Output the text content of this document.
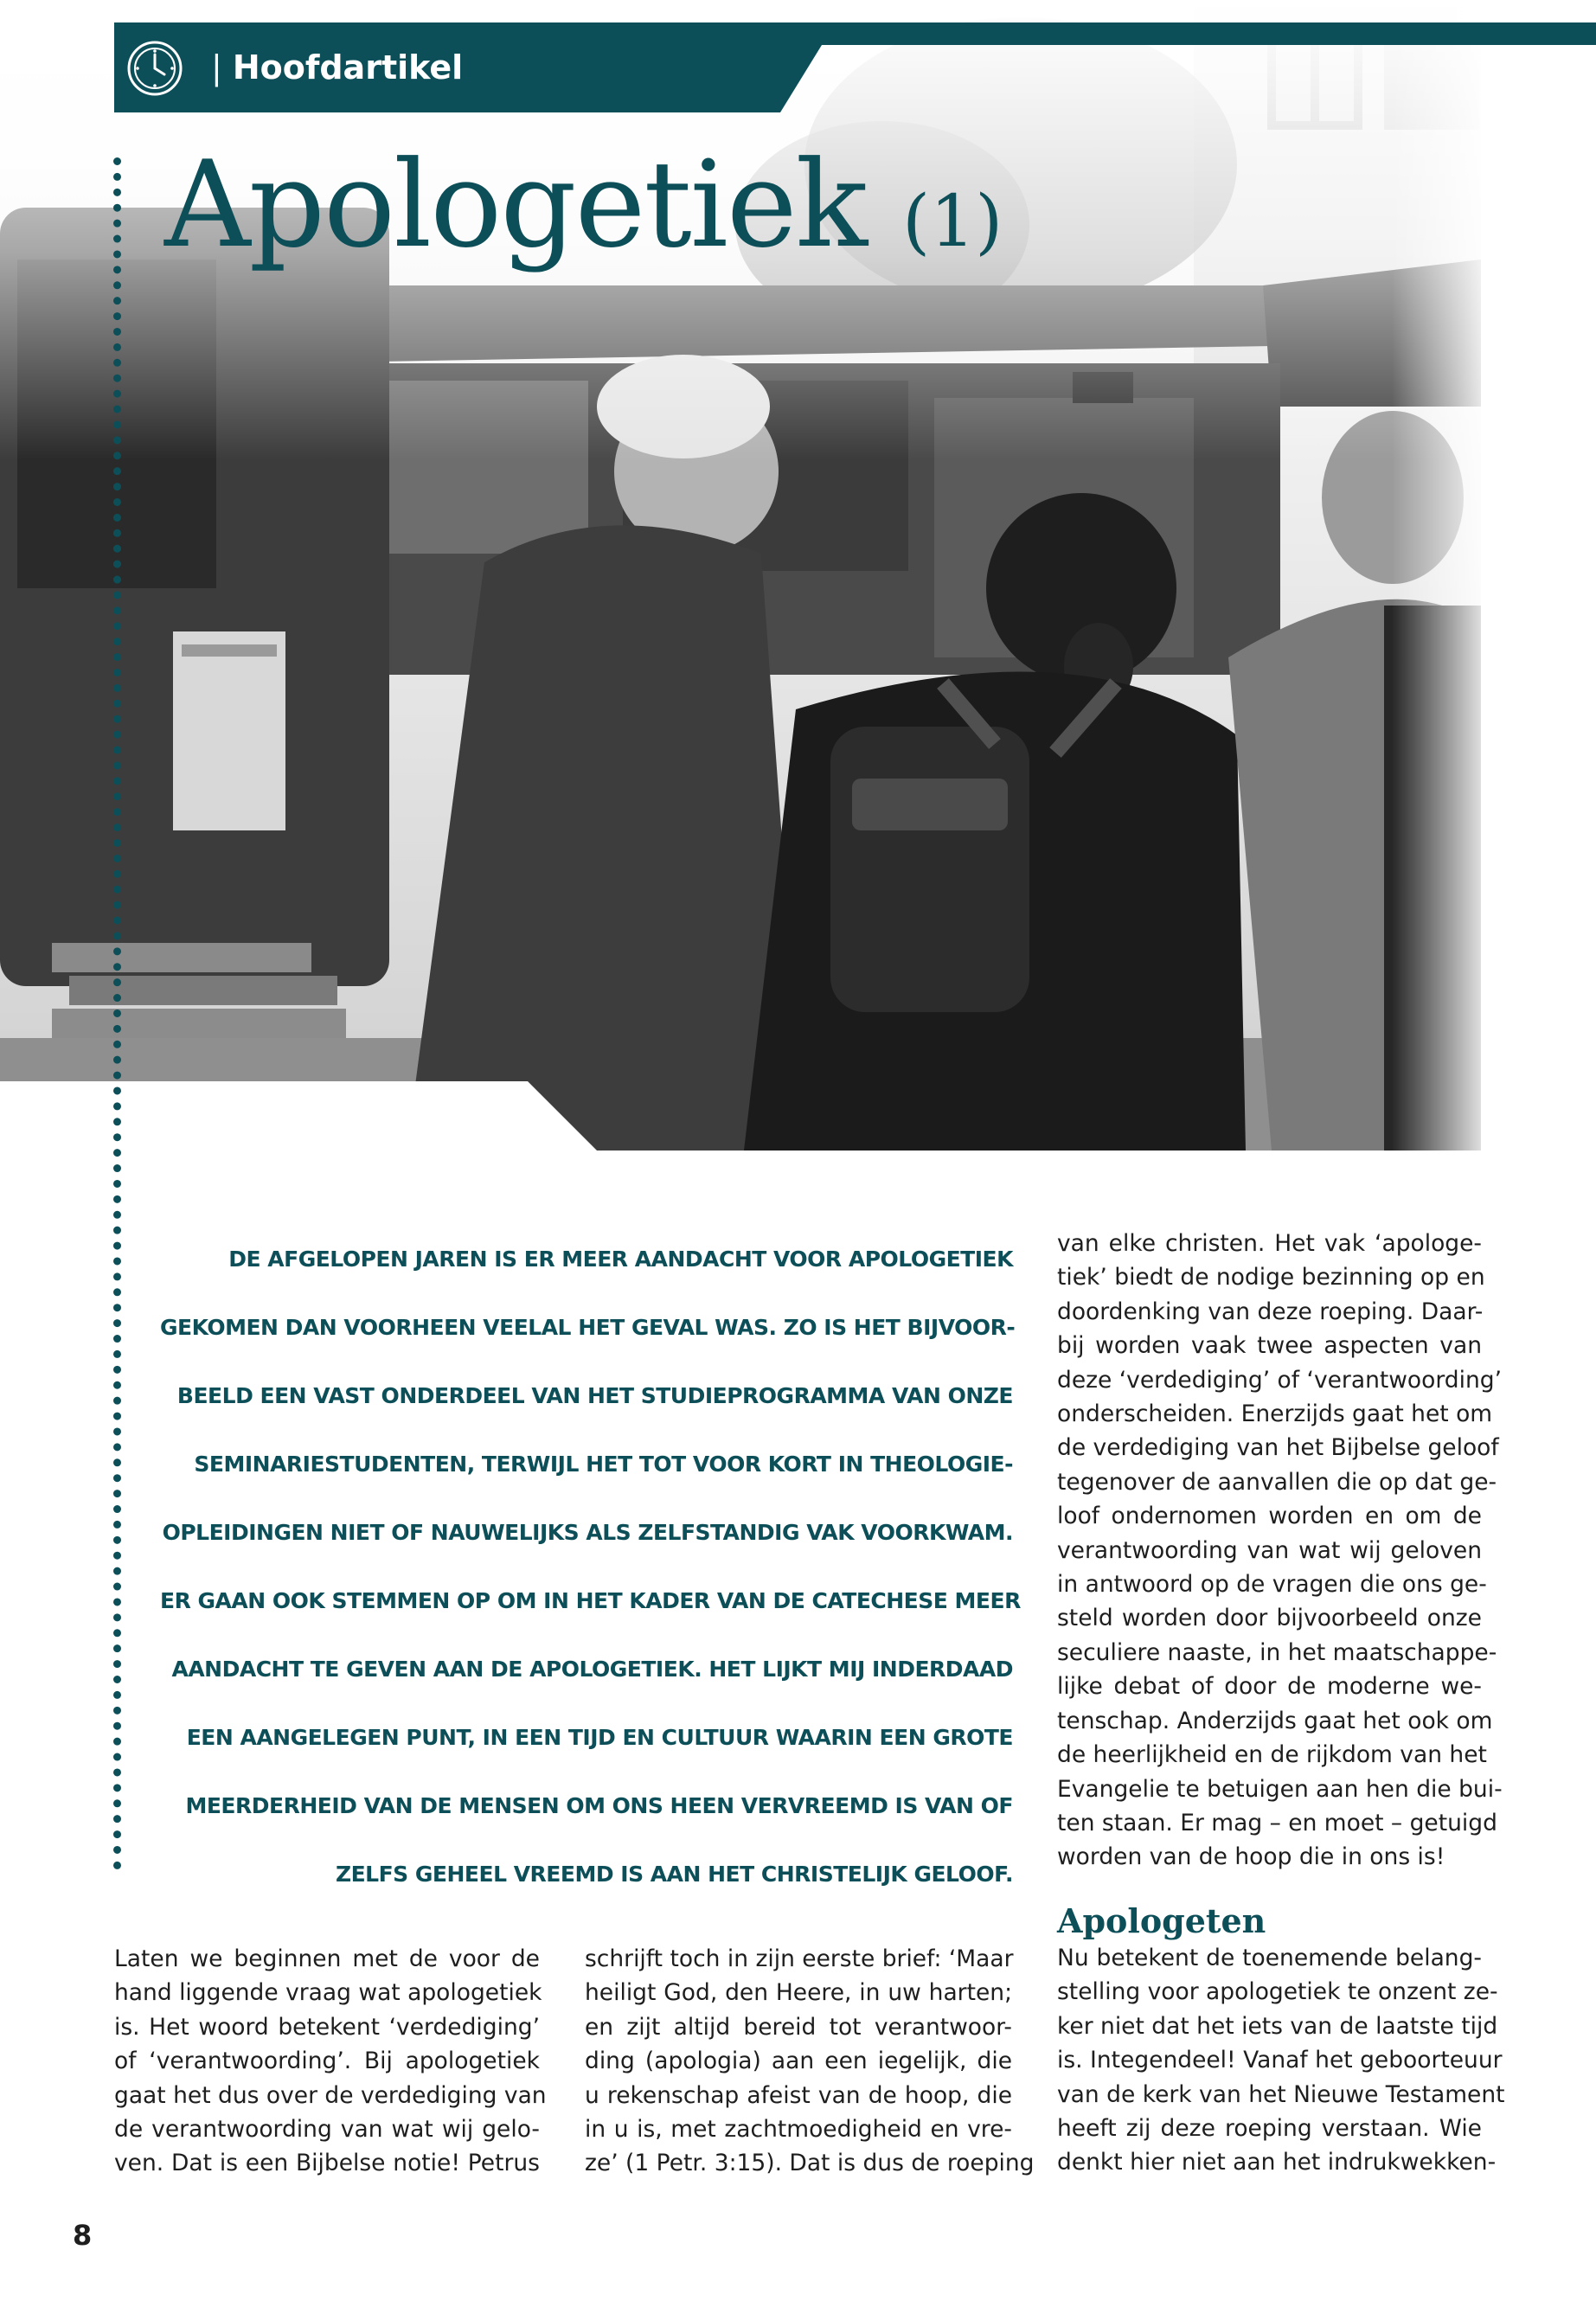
| Hoofdartikel
Apologetiek (1)
DE AFGELOPEN JAREN IS ER MEER AANDACHT VOOR APOLOGETIEK
GEKOMEN DAN VOORHEEN VEELAL HET GEVAL WAS. ZO IS HET BIJVOOR-
BEELD EEN VAST ONDERDEEL VAN HET STUDIEPROGRAMMA VAN ONZE
SEMINARIESTUDENTEN, TERWIJL HET TOT VOOR KORT IN THEOLOGIE-
OPLEIDINGEN NIET OF NAUWELIJKS ALS ZELFSTANDIG VAK VOORKWAM.
ER GAAN OOK STEMMEN OP OM IN HET KADER VAN DE CATECHESE MEER
AANDACHT TE GEVEN AAN DE APOLOGETIEK. HET LIJKT MIJ INDERDAAD
EEN AANGELEGEN PUNT, IN EEN TIJD EN CULTUUR WAARIN EEN GROTE
MEERDERHEID VAN DE MENSEN OM ONS HEEN VERVREEMD IS VAN OF
ZELFS GEHEEL VREEMD IS AAN HET CHRISTELIJK GELOOF.
Laten we beginnen met de voor de
hand liggende vraag wat apologetiek
is. Het woord betekent ‘verdediging’
of ‘verantwoording’. Bij apologetiek
gaat het dus over de verdediging van
de verantwoording van wat wij gelo-
ven. Dat is een Bijbelse notie! Petrus
schrijft toch in zijn eerste brief: ‘Maar
heiligt God, den Heere, in uw harten;
en zijt altijd bereid tot verantwoor-
ding (apologia) aan een iegelijk, die
u rekenschap afeist van de hoop, die
in u is, met zachtmoedigheid en vre-
ze’ (1 Petr. 3:15). Dat is dus de roeping
van elke christen. Het vak ‘apologe-
tiek’ biedt de nodige bezinning op en
doordenking van deze roeping. Daar-
bij worden vaak twee aspecten van
deze ‘verdediging’ of ‘verantwoording’
onderscheiden. Enerzijds gaat het om
de verdediging van het Bijbelse geloof
tegenover de aanvallen die op dat ge-
loof ondernomen worden en om de
verantwoording van wat wij geloven
in antwoord op de vragen die ons ge-
steld worden door bijvoorbeeld onze
seculiere naaste, in het maatschappe-
lijke debat of door de moderne we-
tenschap. Anderzijds gaat het ook om
de heerlijkheid en de rijkdom van het
Evangelie te betuigen aan hen die bui-
ten staan. Er mag – en moet – getuigd
worden van de hoop die in ons is!
Apologeten
Nu betekent de toenemende belang-
stelling voor apologetiek te onzent ze-
ker niet dat het iets van de laatste tijd
is. Integendeel! Vanaf het geboorteuur
van de kerk van het Nieuwe Testament
heeft zij deze roeping verstaan. Wie
denkt hier niet aan het indrukwekken-
8
